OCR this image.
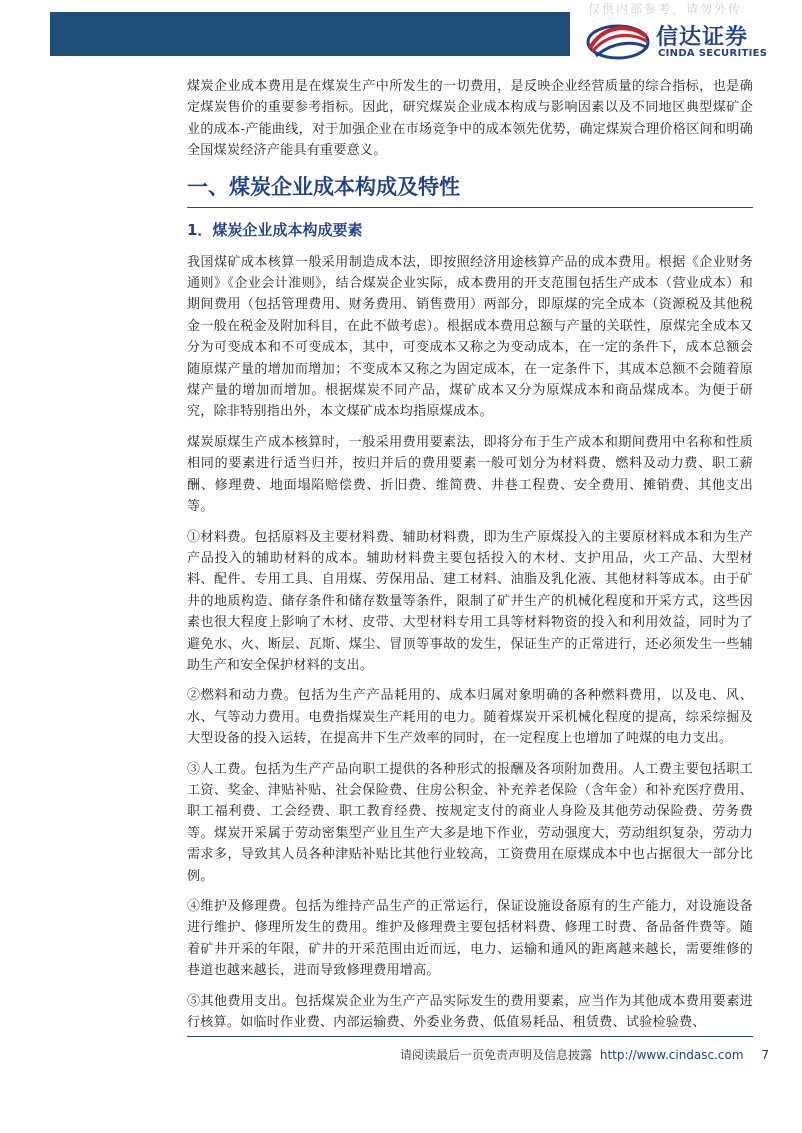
仅供内部参考，请勿外传
信达证券
CINDA SECURITIES

煤炭企业成本费用是在煤炭生产中所发生的一切费用，是反映企业经营质量的综合指标，也是确定煤炭售价的重要参考指标。因此，研究煤炭企业成本构成与影响因素以及不同地区典型煤矿企业的成本-产能曲线，对于加强企业在市场竞争中的成本领先优势，确定煤炭合理价格区间和明确全国煤炭经济产能具有重要意义。

一、煤炭企业成本构成及特性
1．煤炭企业成本构成要素

我国煤矿成本核算一般采用制造成本法，即按照经济用途核算产品的成本费用。根据《企业财务通则》《企业会计准则》，结合煤炭企业实际，成本费用的开支范围包括生产成本（营业成本）和期间费用（包括管理费用、财务费用、销售费用）两部分，即原煤的完全成本（资源税及其他税金一般在税金及附加科目，在此不做考虑）。根据成本费用总额与产量的关联性，原煤完全成本又分为可变成本和不可变成本，其中，可变成本又称之为变动成本，在一定的条件下，成本总额会随原煤产量的增加而增加；不变成本又称之为固定成本，在一定条件下，其成本总额不会随着原煤产量的增加而增加。根据煤炭不同产品，煤矿成本又分为原煤成本和商品煤成本。为便于研究，除非特别指出外，本文煤矿成本均指原煤成本。

煤炭原煤生产成本核算时，一般采用费用要素法，即将分布于生产成本和期间费用中名称和性质相同的要素进行适当归并，按归并后的费用要素一般可划分为材料费、燃料及动力费、职工薪酬、修理费、地面塌陷赔偿费、折旧费、维简费、井巷工程费、安全费用、摊销费、其他支出等。

①材料费。包括原料及主要材料费、辅助材料费，即为生产原煤投入的主要原材料成本和为生产产品投入的辅助材料的成本。辅助材料费主要包括投入的木材、支护用品，火工产品、大型材料、配件、专用工具、自用煤、劳保用品、建工材料、油脂及乳化液、其他材料等成本。由于矿井的地质构造、储存条件和储存数量等条件，限制了矿井生产的机械化程度和开采方式，这些因素也很大程度上影响了木材、皮带、大型材料专用工具等材料物资的投入和利用效益，同时为了避免水、火、断层、瓦斯、煤尘、冒顶等事故的发生，保证生产的正常进行，还必须发生一些辅助生产和安全保护材料的支出。

②燃料和动力费。包括为生产产品耗用的、成本归属对象明确的各种燃料费用，以及电、风、水、气等动力费用。电费指煤炭生产耗用的电力。随着煤炭开采机械化程度的提高，综采综掘及大型设备的投入运转，在提高井下生产效率的同时，在一定程度上也增加了吨煤的电力支出。

③人工费。包括为生产产品向职工提供的各种形式的报酬及各项附加费用。人工费主要包括职工工资、奖金、津贴补贴、社会保险费、住房公积金、补充养老保险（含年金）和补充医疗费用、职工福利费、工会经费、职工教育经费、按规定支付的商业人身险及其他劳动保险费、劳务费等。煤炭开采属于劳动密集型产业且生产大多是地下作业，劳动强度大，劳动组织复杂，劳动力需求多，导致其人员各种津贴补贴比其他行业较高，工资费用在原煤成本中也占据很大一部分比例。

④维护及修理费。包括为维持产品生产的正常运行，保证设施设备原有的生产能力，对设施设备进行维护、修理所发生的费用。维护及修理费主要包括材料费、修理工时费、备品备件费等。随着矿井开采的年限，矿井的开采范围由近而远，电力、运输和通风的距离越来越长，需要维修的巷道也越来越长，进而导致修理费用增高。

⑤其他费用支出。包括煤炭企业为生产产品实际发生的费用要素，应当作为其他成本费用要素进行核算。如临时作业费、内部运输费、外委业务费、低值易耗品、租赁费、试验检验费、

请阅读最后一页免责声明及信息披露 http://www.cindasc.com 7
